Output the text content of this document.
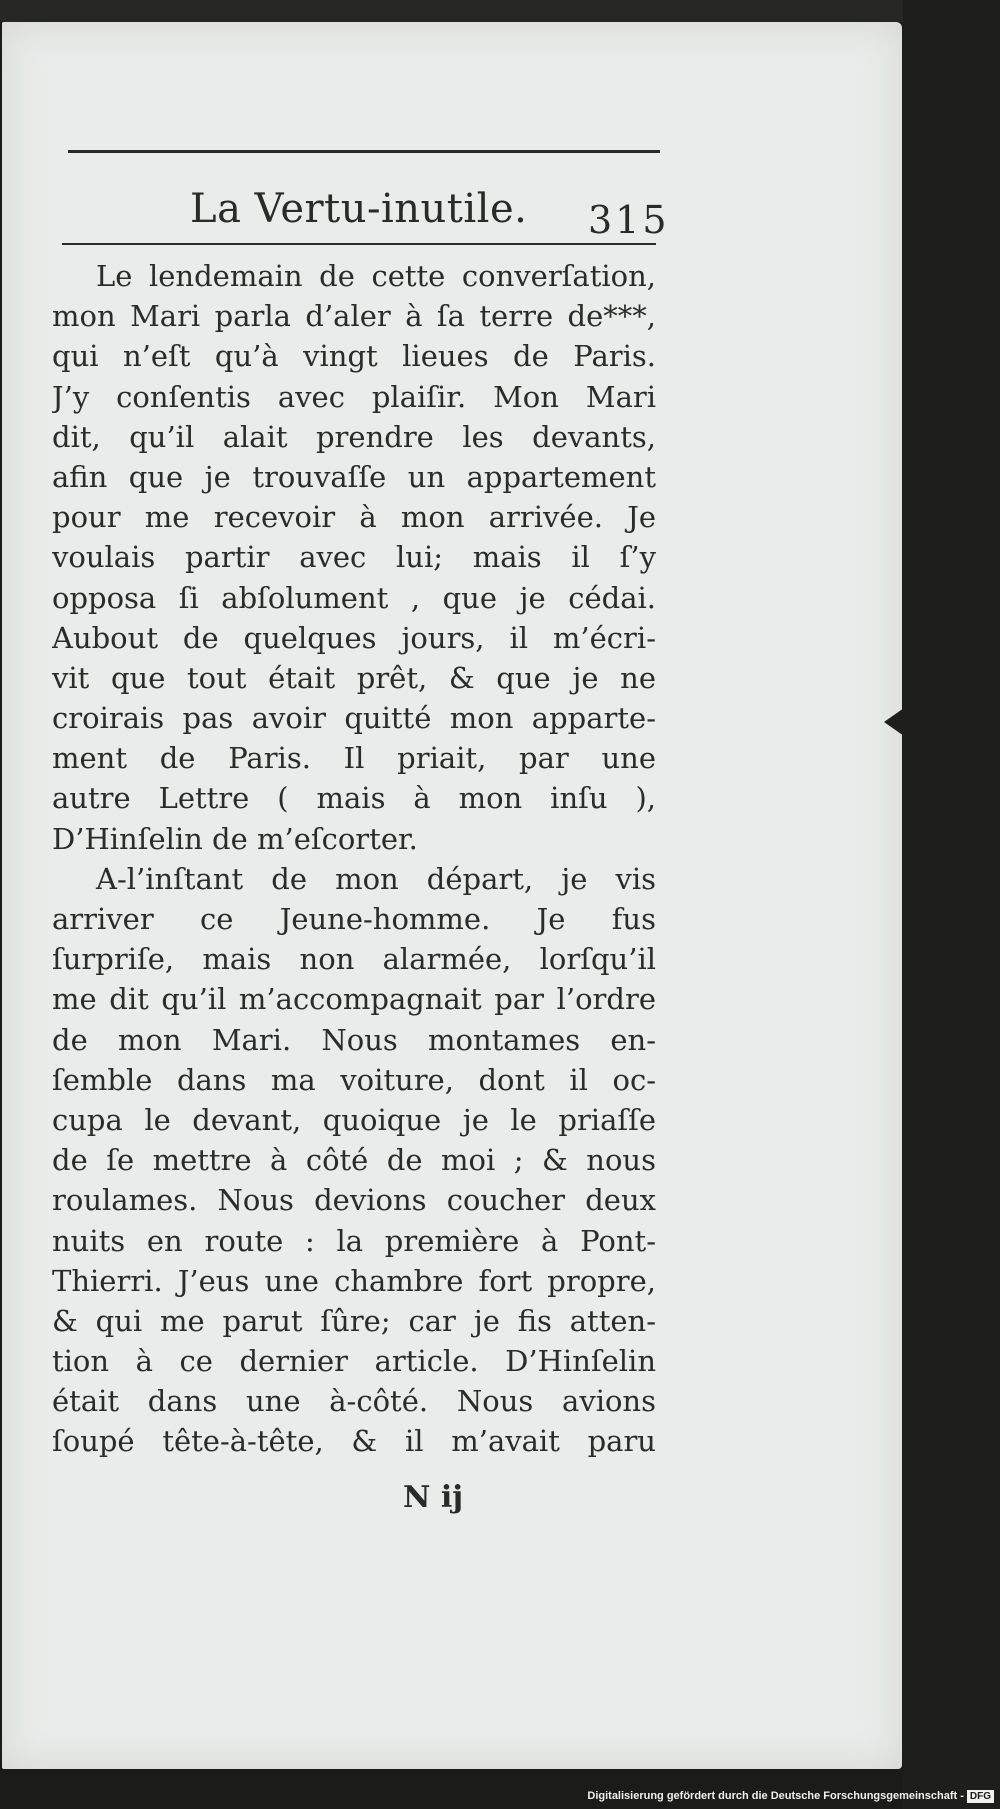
La Vertu-inutile. 315
Le lendemain de cette converſation,
mon Mari parla d’aler à ſa terre de***,
qui n’eſt qu’à vingt lieues de Paris.
J’y conſentis avec plaiſir. Mon Mari
dit, qu’il alait prendre les devants,
afin que je trouvaſſe un appartement
pour me recevoir à mon arrivée. Je
voulais partir avec lui; mais il ſ’y
opposa ſi abſolument , que je cédai.
Aubout de quelques jours, il m’écri-
vit que tout était prêt, & que je ne
croirais pas avoir quitté mon apparte-
ment de Paris. Il priait, par une
autre Lettre ( mais à mon inſu ),
D’Hinſelin de m’eſcorter.
A-l’inſtant de mon départ, je vis
arriver ce Jeune-homme. Je fus
ſurpriſe, mais non alarmée, lorſqu’il
me dit qu’il m’accompagnait par l’ordre
de mon Mari. Nous montames en-
ſemble dans ma voiture, dont il oc-
cupa le devant, quoique je le priaſſe
de ſe mettre à côté de moi ; & nous
roulames. Nous devions coucher deux
nuits en route : la première à Pont-
Thierri. J’eus une chambre fort propre,
& qui me parut ſûre; car je fis atten-
tion à ce dernier article. D’Hinſelin
était dans une à-côté. Nous avions
ſoupé tête-à-tête, & il m’avait paru
N ij
Digitalisierung gefördert durch die Deutsche Forschungsgemeinschaft - DFG
